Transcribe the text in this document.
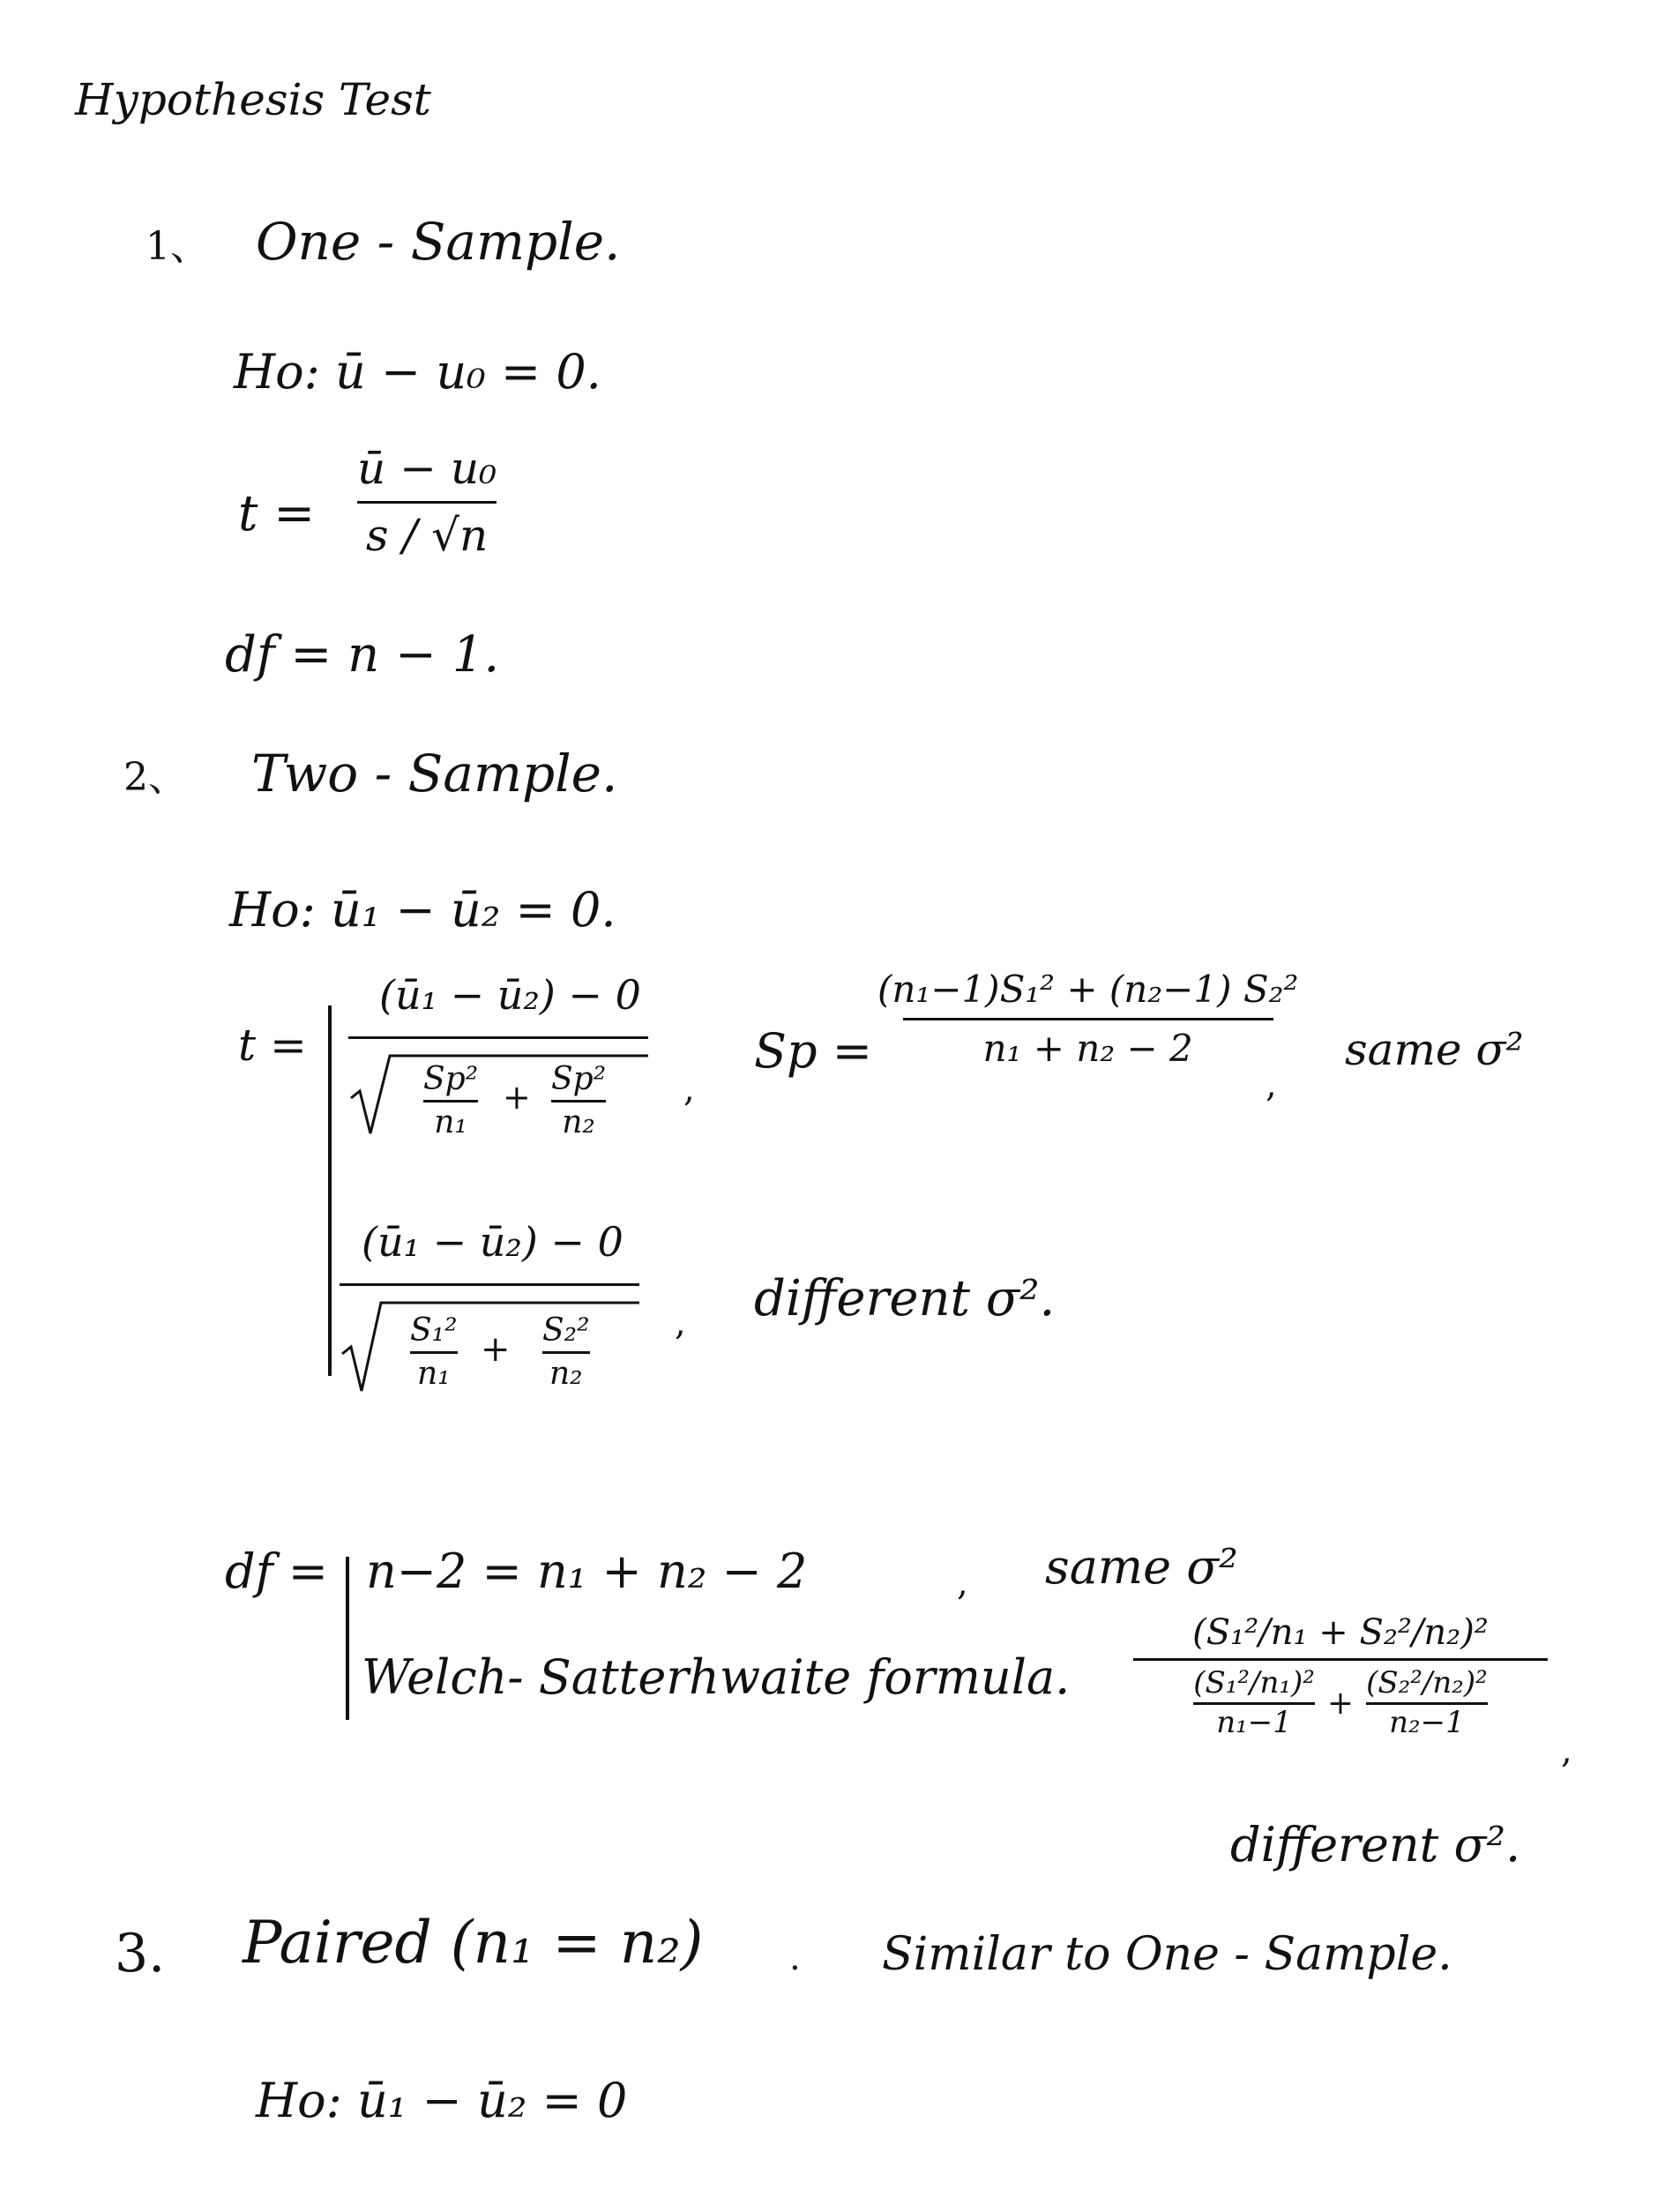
Hypothesis Test
1、 One - Sample.
Ho: ū − u₀ = 0.
t =
ū − u₀
s / √n
df = n − 1.
2、 Two - Sample.
Ho: ū₁ − ū₂ = 0.
t =
(ū₁ − ū₂) − 0
Sp²
n₁
+ Sp²
n₂
,
Sp =
(n₁−1)S₁² + (n₂−1) S₂²
n₁ + n₂ − 2
,
same σ²
(ū₁ − ū₂) − 0
S₁²
n₁
+ S₂²
n₂
, different σ².
df = n−2 = n₁ + n₂ − 2	, same σ²
Welch- Satterhwaite formula.
(S₁²/n₁ + S₂²/n₂)²
$\frac{\text{(S₁²/n₁)²}}{\text{n₁−1}} + \frac{\text{(S₂²/n₂)²}}{\text{n₂−1}}$
,
different σ².
3. Paired (n₁ = n₂) . Similar to One - Sample.
Ho: ū₁ − ū₂ = 0
